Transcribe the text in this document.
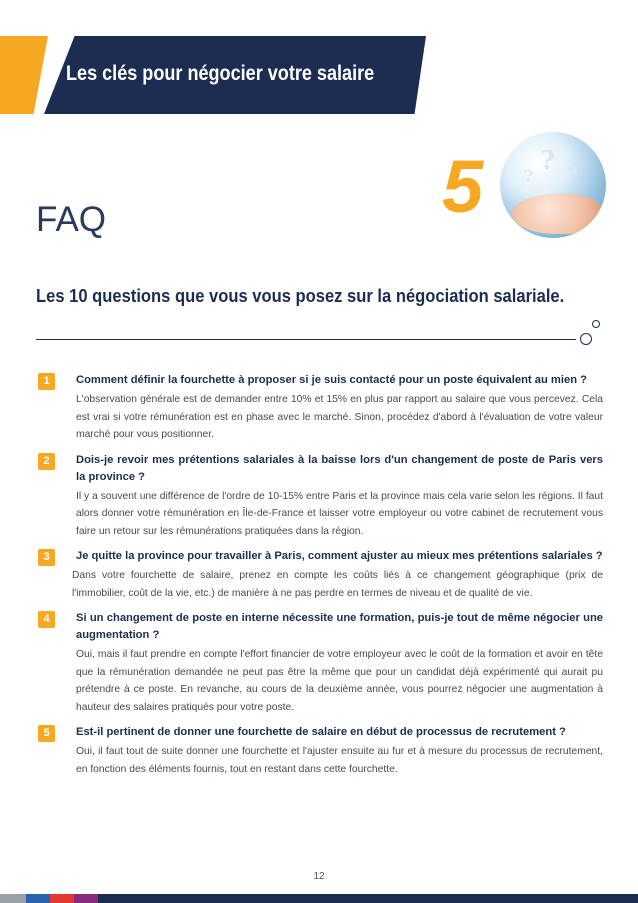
Les clés pour négocier votre salaire
FAQ	5 ? ?
?
Les 10 questions que vous vous posez sur la négociation salariale.
1	Comment définir la fourchette à proposer si je suis contacté pour un poste équivalent au mien ?
L'observation générale est de demander entre 10% et 15% en plus par rapport au salaire que vous percevez. Cela est vrai si votre rémunération est en phase avec le marché. Sinon, procédez d'abord à l'évaluation de votre valeur marché pour vous positionner.
2	Dois-je revoir mes prétentions salariales à la baisse lors d'un changement de poste de Paris vers la province ?
Il y a souvent une différence de l'ordre de 10-15% entre Paris et la province mais cela varie selon les régions. Il faut alors donner votre rémunération en Île-de-France et laisser votre employeur ou votre cabinet de recrutement vous faire un retour sur les rémunérations pratiquées dans la région.
3	Je quitte la province pour travailler à Paris, comment ajuster au mieux mes prétentions salariales ?
Dans votre fourchette de salaire, prenez en compte les coûts liés à ce changement géographique (prix de l'immobilier, coût de la vie, etc.) de manière à ne pas perdre en termes de niveau et de qualité de vie.
4	Si un changement de poste en interne nécessite une formation, puis-je tout de même négocier une augmentation ?
Oui, mais il faut prendre en compte l'effort financier de votre employeur avec le coût de la formation et avoir en tête que la rémunération demandée ne peut pas être la même que pour un candidat déjà expérimenté qui aurait pu prétendre à ce poste. En revanche, au cours de la deuxième année, vous pourrez négocier une augmentation à hauteur des salaires pratiqués pour votre poste.
5	Est-il pertinent de donner une fourchette de salaire en début de processus de recrutement ?
Oui, il faut tout de suite donner une fourchette et l'ajuster ensuite au fur et à mesure du processus de recrutement, en fonction des éléments fournis, tout en restant dans cette fourchette.
12
